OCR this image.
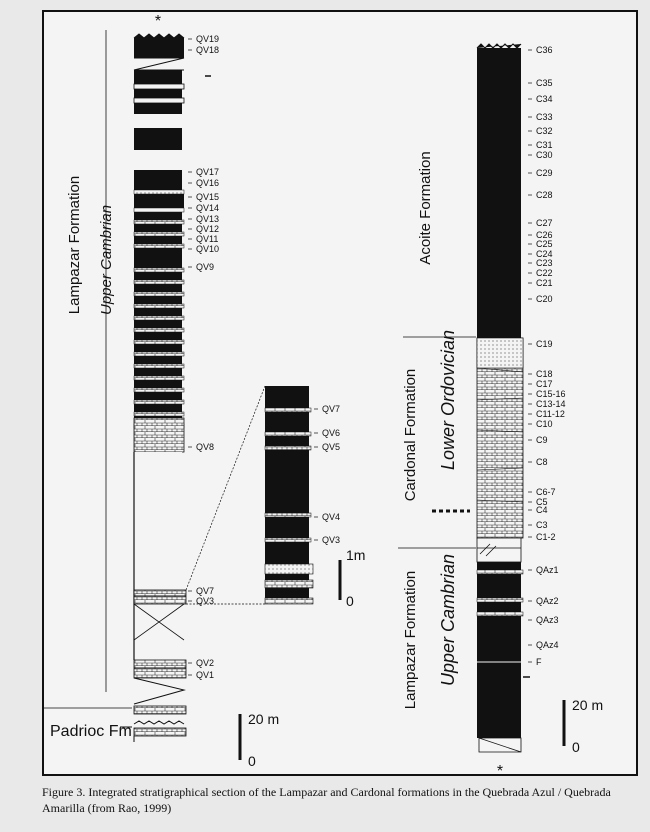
*
Lampazar Formation Upper Cambrian
Padrioc Fm
QV19
QV18
QV17
QV16
QV15
QV14
QV13
QV12
QV11
QV10
QV9
QV8
QV7
QV3
QV2
QV1
20 m
0
QV7
QV6
QV5
QV4
QV3
1m
0
*
C36
C35
C34
C33
C32
C31
C30
C29
C28
C27
C26
C25
C24
C23
C22
C21
C20
C19
C18
C17
C15-16
C13-14
C11-12
C10
C9
C8
C6-7
C5
C4
C3
C1-2
QAz1
QAz2
QAz3
QAz4
F
Acoite Formation
Cardonal Formation
Lampazar Formation
Lower Ordovician
Upper Cambrian
20 m
0
Figure 3. Integrated stratigraphical section of the Lampazar and Cardonal formations in the Quebrada Azul / Quebrada Amarilla (from Rao, 1999)
